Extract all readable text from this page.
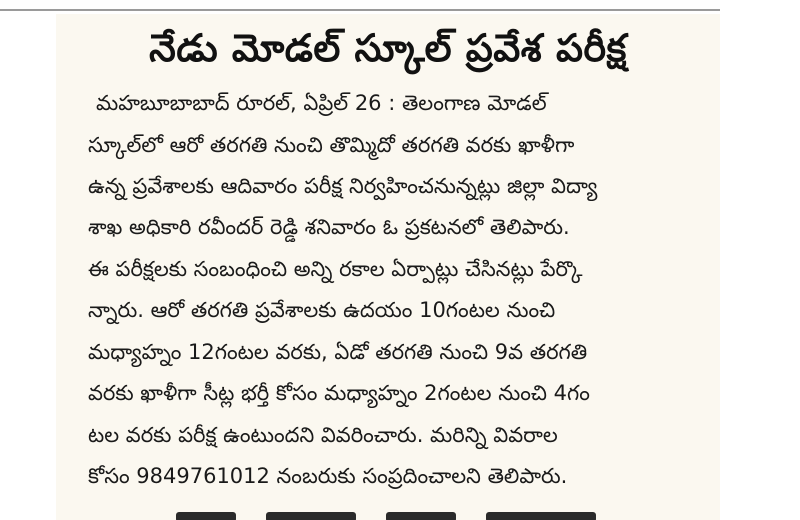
నేడు మోడల్ స్కూల్ ప్రవేశ పరీక్ష
మహబూబాబాద్ రూరల్, ఏప్రిల్ 26 : తెలంగాణ మోడల్
స్కూల్‌లో ఆరో తరగతి నుంచి తొమ్మిదో తరగతి వరకు ఖాళీగా
ఉన్న ప్రవేశాలకు ఆదివారం పరీక్ష నిర్వహించనున్నట్లు జిల్లా విద్యా
శాఖ అధికారి రవీందర్ రెడ్డి శనివారం ఓ ప్రకటనలో తెలిపారు.
ఈ పరీక్షలకు సంబంధించి అన్ని రకాల ఏర్పాట్లు చేసినట్లు పేర్కొ
న్నారు. ఆరో తరగతి ప్రవేశాలకు ఉదయం 10గంటల నుంచి
మధ్యాహ్నం 12గంటల వరకు, ఏడో తరగతి నుంచి 9వ తరగతి
వరకు ఖాళీగా సీట్ల భర్తీ కోసం మధ్యాహ్నం 2గంటల నుంచి 4గం
టల వరకు పరీక్ష ఉంటుందని వివరించారు. మరిన్ని వివరాల
కోసం 9849761012 నంబరుకు సంప్రదించాలని తెలిపారు.
